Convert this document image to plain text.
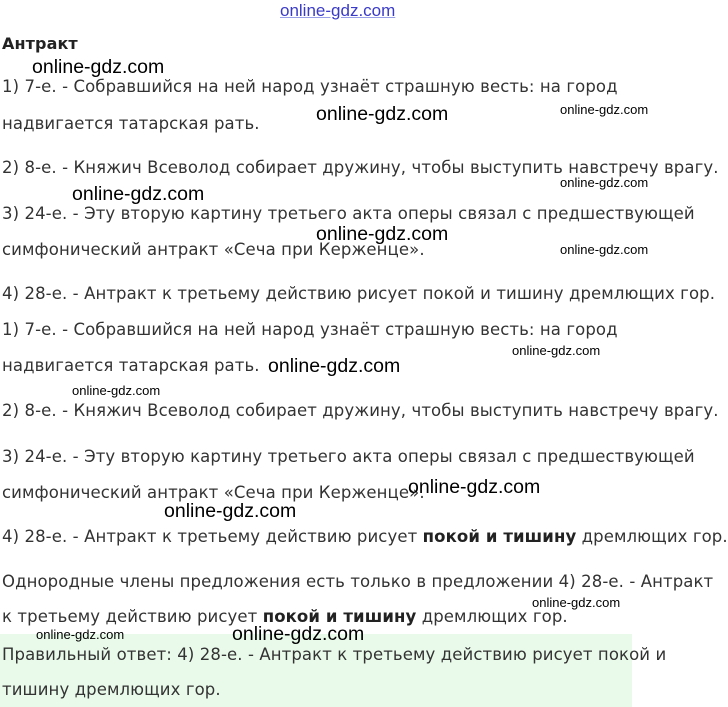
online-gdz.com
Антракт
1) 7-е. - Собравшийся на ней народ узнаёт страшную весть: на город
надвигается татарская рать.
2) 8-е. - Княжич Всеволод собирает дружину, чтобы выступить навстречу врагу.
3) 24-е. - Эту вторую картину третьего акта оперы связал с предшествующей
симфонический антракт «Сеча при Керженце».
4) 28-е. - Антракт к третьему действию рисует покой и тишину дремлющих гор.
1) 7-е. - Собравшийся на ней народ узнаёт страшную весть: на город
надвигается татарская рать.
2) 8-е. - Княжич Всеволод собирает дружину, чтобы выступить навстречу врагу.
3) 24-е. - Эту вторую картину третьего акта оперы связал с предшествующей
симфонический антракт «Сеча при Керженце».
4) 28-е. - Антракт к третьему действию рисует покой и тишину дремлющих гор.
Однородные члены предложения есть только в предложении 4) 28-е. - Антракт
к третьему действию рисует покой и тишину дремлющих гор.
Правильный ответ: 4) 28-е. - Антракт к третьему действию рисует покой и
тишину дремлющих гор.
online-gdz.com
online-gdz.com	online-gdz.com
online-gdz.com
online-gdz.com
online-gdz.com
online-gdz.com
online-gdz.com
online-gdz.com
online-gdz.com
online-gdz.com
online-gdz.com
online-gdz.com
online-gdz.com	online-gdz.com
